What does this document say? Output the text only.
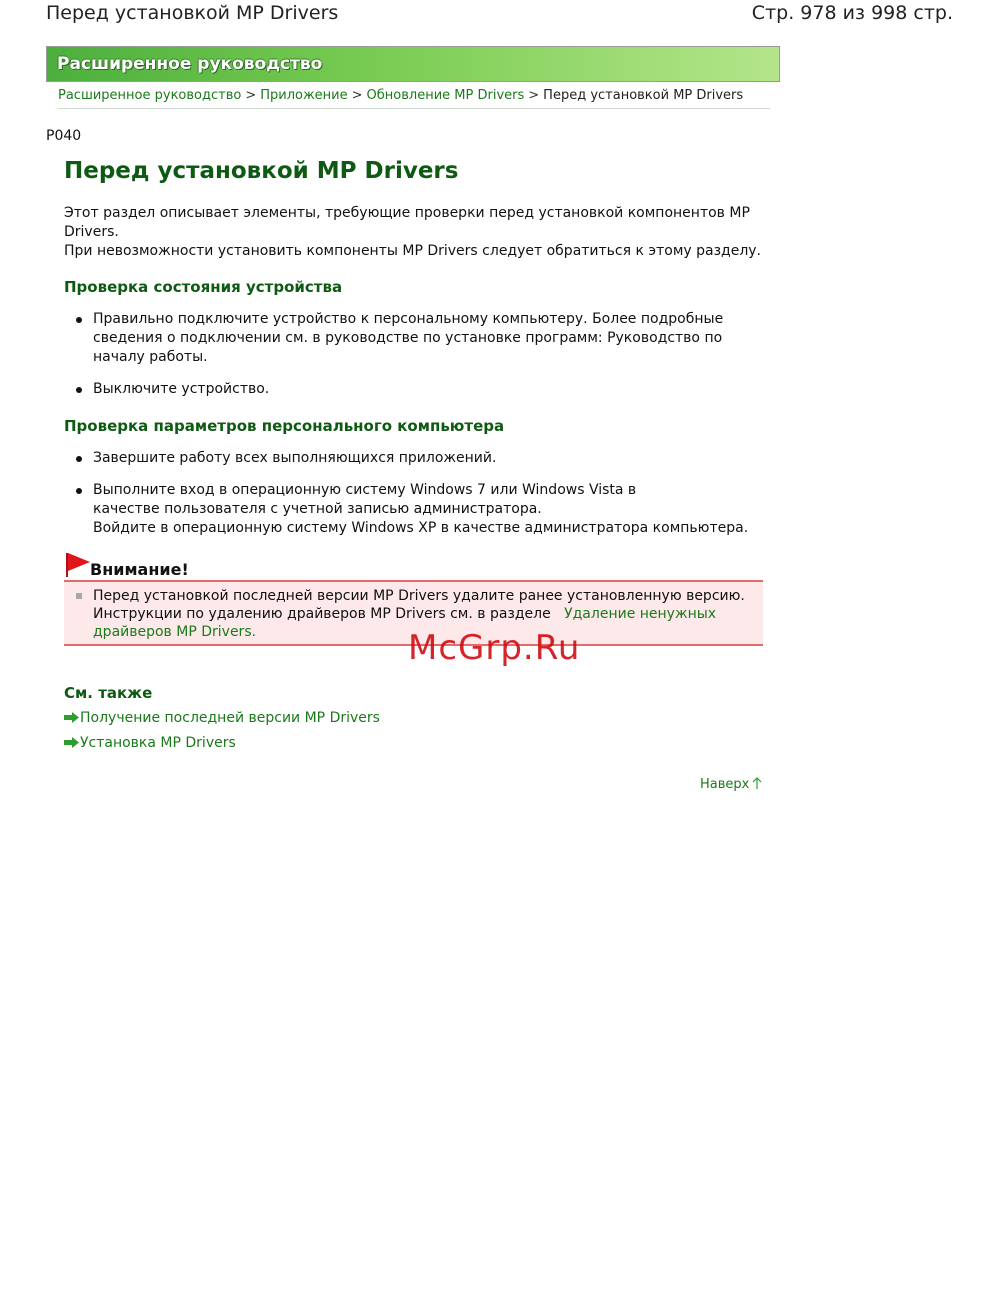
Перед установкой MP Drivers	Стр. 978 из 998 стр.
Расширенное руководство
Расширенное руководство > Приложение > Обновление MP Drivers > Перед установкой MP Drivers
P040
Перед установкой MP Drivers

Этот раздел описывает элементы, требующие проверки перед установкой компонентов MP Drivers.

При невозможности установить компоненты MP Drivers следует обратиться к этому разделу.

Проверка состояния устройства

Правильно подключите устройство к персональному компьютеру. Более подробные сведения о подключении см. в руководстве по установке программ: Руководство по началу работы.

Выключите устройство.

Проверка параметров персонального компьютера

Завершите работу всех выполняющихся приложений.

Выполните вход в операционную систему Windows 7 или Windows Vista в качестве пользователя с учетной записью администратора.

Войдите в операционную систему Windows XP в качестве администратора компьютера.

Внимание!

Перед установкой последней версии MP Drivers удалите ранее установленную версию.

Инструкции по удалению драйверов MP Drivers см. в разделе Удаление ненужных драйверов MP Drivers.	McGrp.Ru
См. также
Получение последней версии MP Drivers
Установка MP Drivers
Наверх
